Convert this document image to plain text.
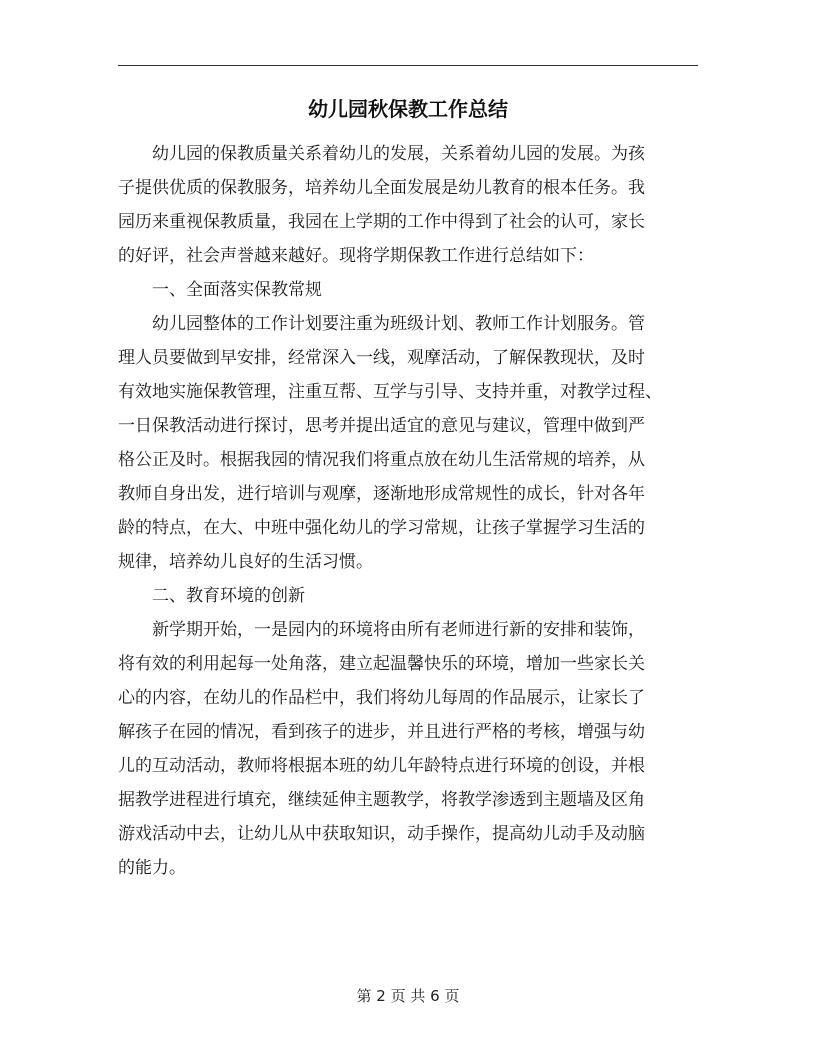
幼儿园秋保教工作总结
　　幼儿园的保教质量关系着幼儿的发展，关系着幼儿园的发展。为孩
子提供优质的保教服务，培养幼儿全面发展是幼儿教育的根本任务。我
园历来重视保教质量，我园在上学期的工作中得到了社会的认可，家长
的好评，社会声誉越来越好。现将学期保教工作进行总结如下：
　　一、全面落实保教常规
　　幼儿园整体的工作计划要注重为班级计划、教师工作计划服务。管
理人员要做到早安排，经常深入一线，观摩活动，了解保教现状，及时
有效地实施保教管理，注重互帮、互学与引导、支持并重，对教学过程、
一日保教活动进行探讨，思考并提出适宜的意见与建议，管理中做到严
格公正及时。根据我园的情况我们将重点放在幼儿生活常规的培养，从
教师自身出发，进行培训与观摩，逐渐地形成常规性的成长，针对各年
龄的特点，在大、中班中强化幼儿的学习常规，让孩子掌握学习生活的
规律，培养幼儿良好的生活习惯。
　　二、教育环境的创新
　　新学期开始，一是园内的环境将由所有老师进行新的安排和装饰，
将有效的利用起每一处角落，建立起温馨快乐的环境，增加一些家长关
心的内容，在幼儿的作品栏中，我们将幼儿每周的作品展示，让家长了
解孩子在园的情况，看到孩子的进步，并且进行严格的考核，增强与幼
儿的互动活动，教师将根据本班的幼儿年龄特点进行环境的创设，并根
据教学进程进行填充，继续延伸主题教学，将教学渗透到主题墙及区角
游戏活动中去，让幼儿从中获取知识，动手操作，提高幼儿动手及动脑
的能力。
第 2 页 共 6 页
